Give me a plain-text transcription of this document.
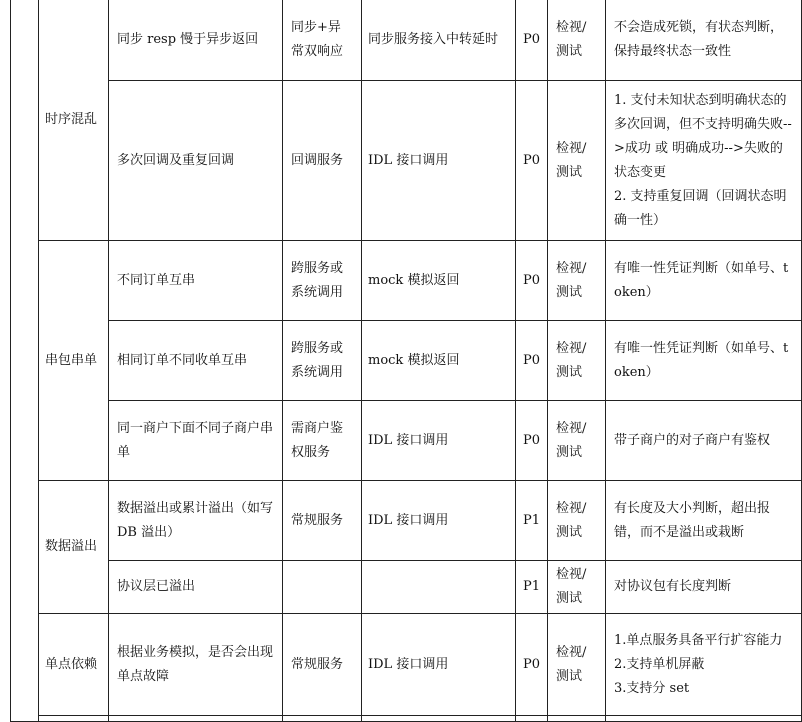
	时序混乱	同步 resp 慢于异步返回	同步+异常双响应	同步服务接入中转延时	P0	检视/测试	不会造成死锁，有状态判断，
保持最终状态一致性

		多次回调及重复回调	回调服务	IDL 接口调用	P0	检视/测试	1. 支付未知状态到明确状态的多次回调，但不支持明确失败-->成功 或 明确成功-->失败的状态变更
2. 支持重复回调（回调状态明确一性）

	串包串单	不同订单互串	跨服务或系统调用	mock 模拟返回	P0	检视/测试	有唯一性凭证判断（如单号、token）

		相同订单不同收单互串	跨服务或系统调用	mock 模拟返回	P0	检视/测试	有唯一性凭证判断（如单号、token）

		同一商户下面不同子商户串单	需商户鉴权服务	IDL 接口调用	P0	检视/测试	带子商户的对子商户有鉴权

	数据溢出	数据溢出或累计溢出（如写 DB 溢出）	常规服务	IDL 接口调用	P1	检视/测试	有长度及大小判断，超出报错，而不是溢出或栽断

		协议层已溢出			P1	检视/测试	对协议包有长度判断

	单点依赖	根据业务模拟，是否会出现单点故障	常规服务	IDL 接口调用	P0	检视/测试	1.单点服务具备平行扩容能力
2.支持单机屏蔽
3.支持分 set
